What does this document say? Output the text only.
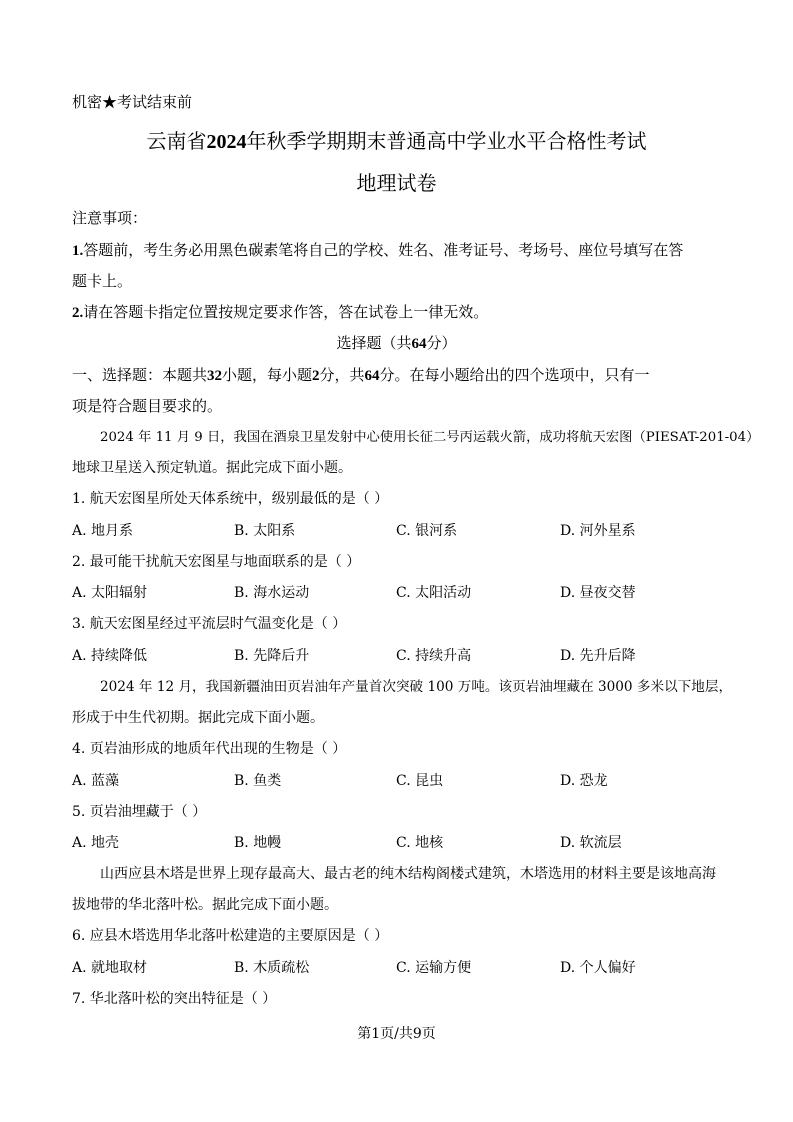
机密★考试结束前
云南省2024年秋季学期期末普通高中学业水平合格性考试
地理试卷
注意事项：
1.答题前，考生务必用黑色碳素笔将自己的学校、姓名、准考证号、考场号、座位号填写在答
题卡上。
2.请在答题卡指定位置按规定要求作答，答在试卷上一律无效。
选择题（共64分）
一、选择题：本题共32小题，每小题2分，共64分。在每小题给出的四个选项中，只有一
项是符合题目要求的。
2024 年 11 月 9 日，我国在酒泉卫星发射中心使用长征二号丙运载火箭，成功将航天宏图（PIESAT-201-04）
地球卫星送入预定轨道。据此完成下面小题。
1. 航天宏图星所处天体系统中，级别最低的是（ ）
A. 地月系	B. 太阳系	C. 银河系	D. 河外星系
2. 最可能干扰航天宏图星与地面联系的是（ ）
A. 太阳辐射	B. 海水运动	C. 太阳活动	D. 昼夜交替
3. 航天宏图星经过平流层时气温变化是（ ）
A. 持续降低	B. 先降后升	C. 持续升高	D. 先升后降
2024 年 12 月，我国新疆油田页岩油年产量首次突破 100 万吨。该页岩油埋藏在 3000 多米以下地层，
形成于中生代初期。据此完成下面小题。
4. 页岩油形成的地质年代出现的生物是（ ）
A. 蓝藻	B. 鱼类	C. 昆虫	D. 恐龙
5. 页岩油埋藏于（ ）
A. 地壳	B. 地幔	C. 地核	D. 软流层
山西应县木塔是世界上现存最高大、最古老的纯木结构阁楼式建筑，木塔选用的材料主要是该地高海
拔地带的华北落叶松。据此完成下面小题。
6. 应县木塔选用华北落叶松建造的主要原因是（ ）
A. 就地取材	B. 木质疏松	C. 运输方便	D. 个人偏好
7. 华北落叶松的突出特征是（ ）
第1页/共9页
